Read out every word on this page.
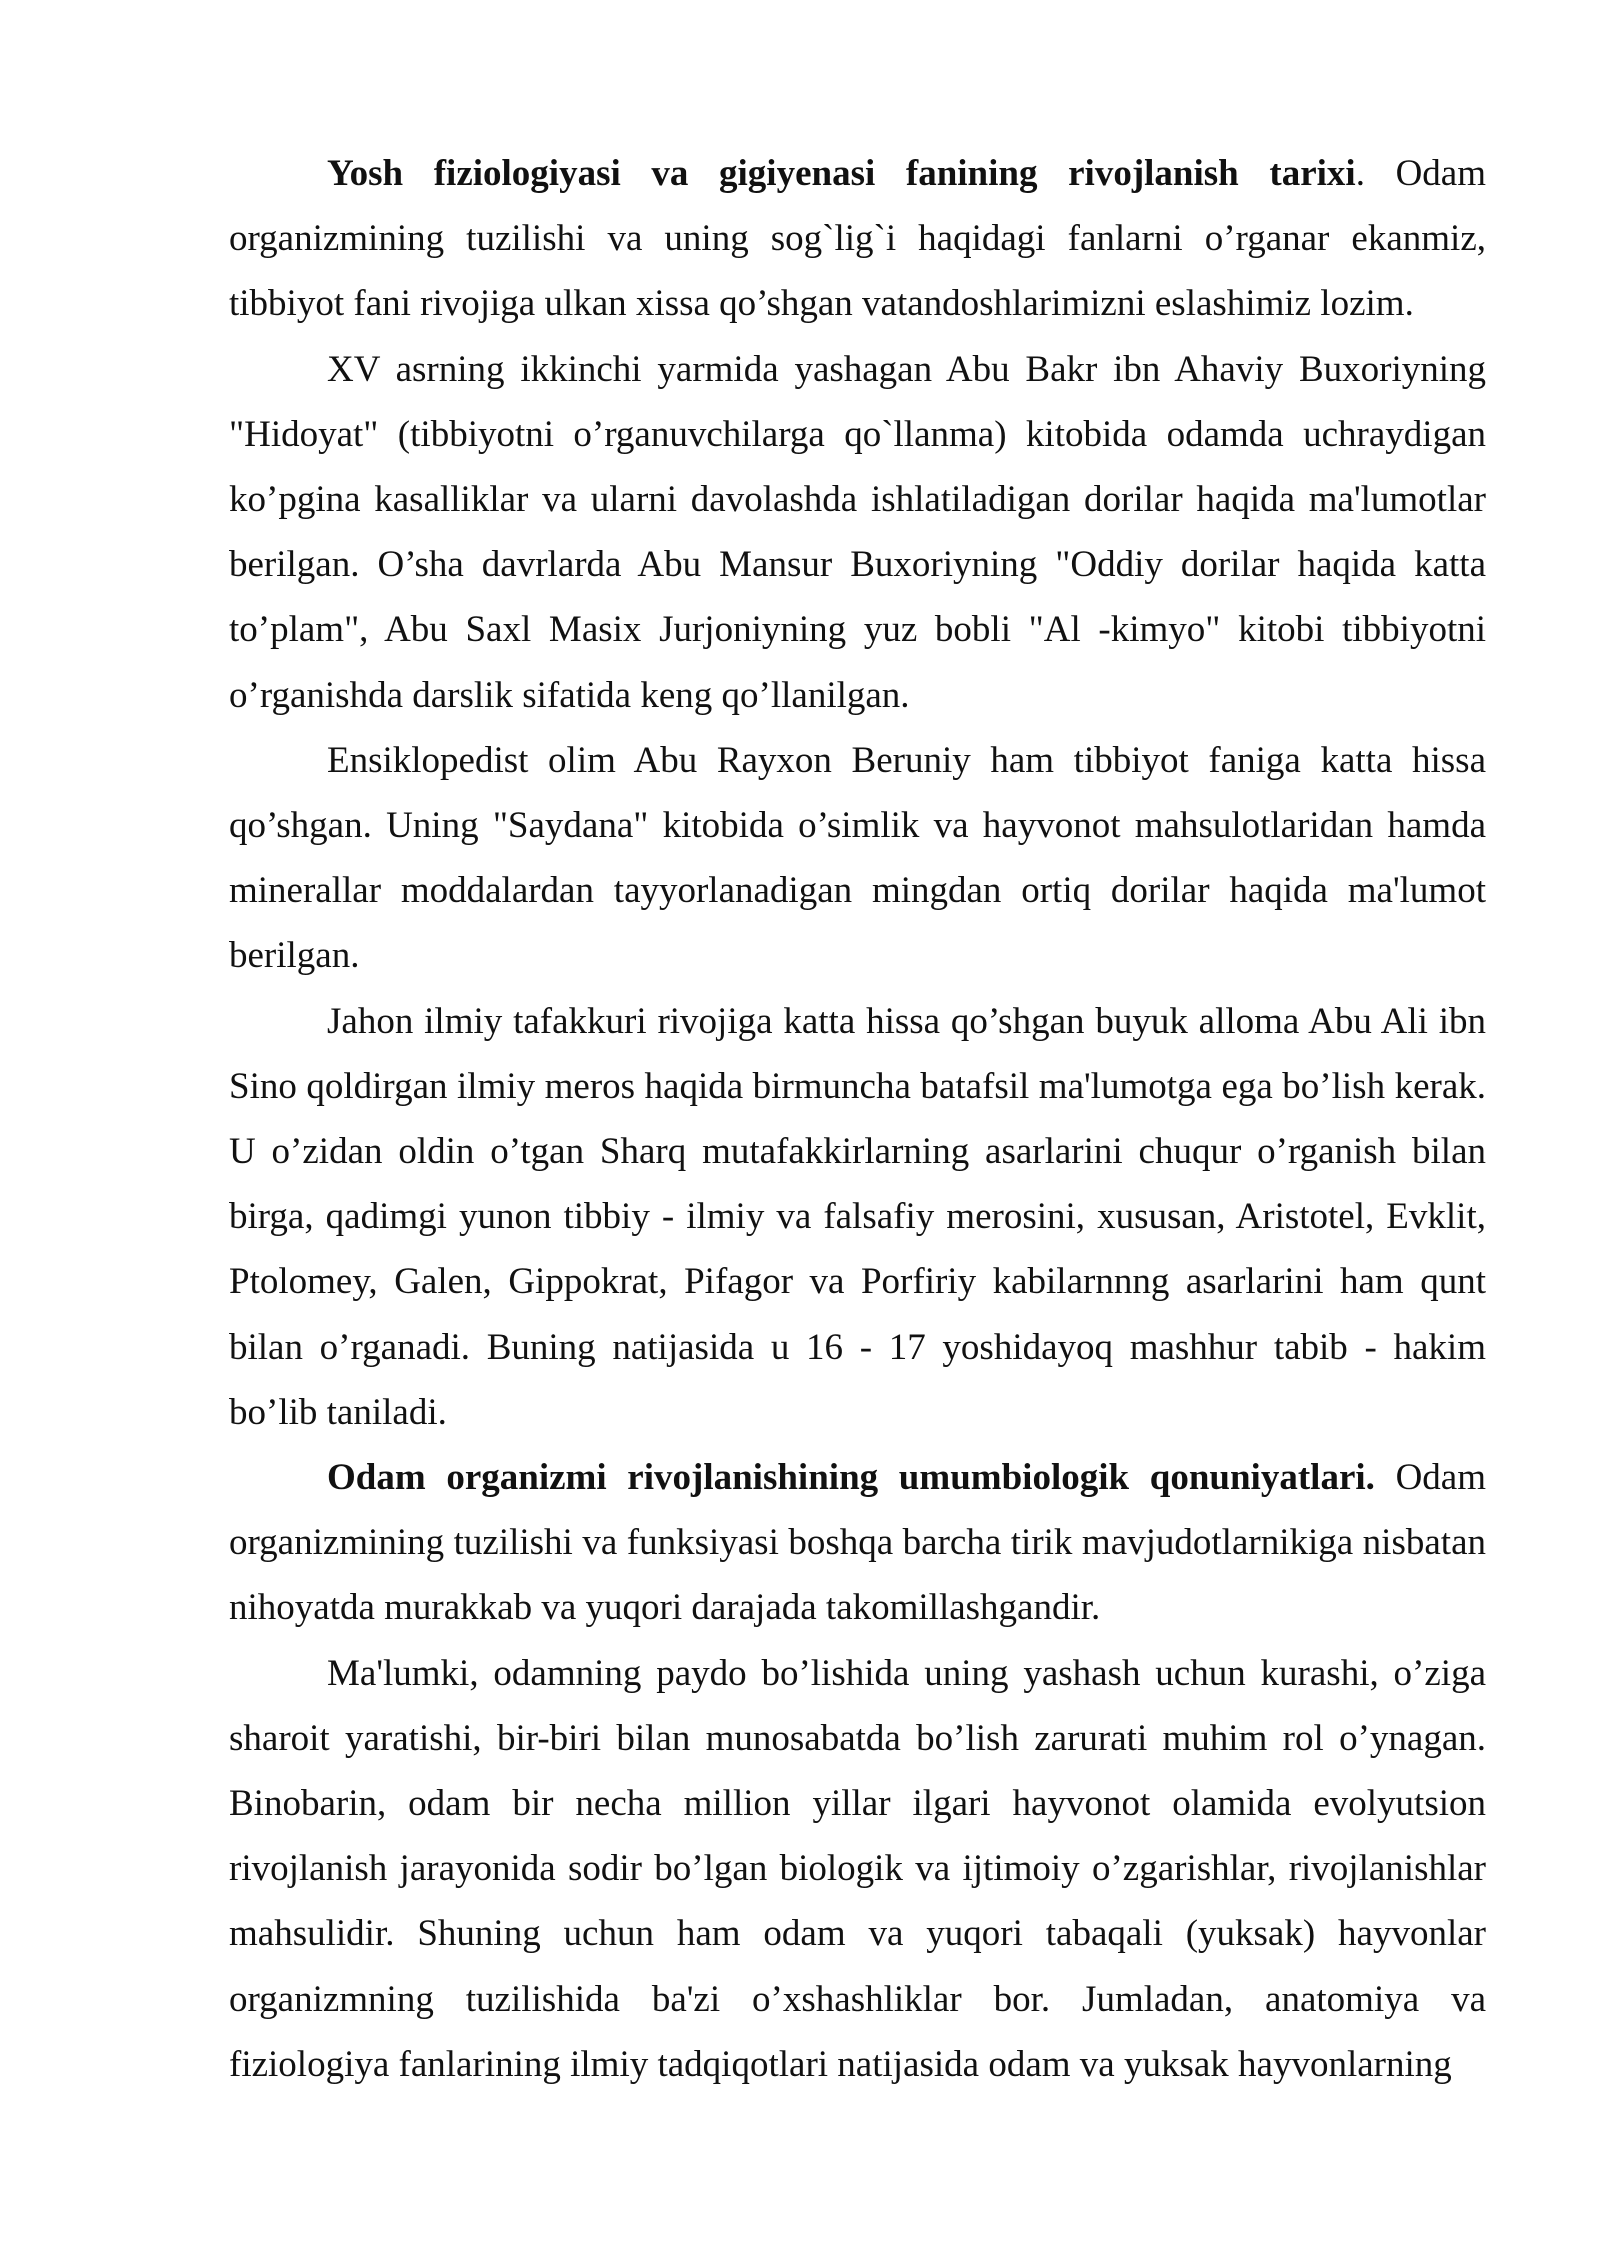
Yosh fiziologiyasi va gigiyenasi fanining rivojlanish tarixi. Odam organizmining tuzilishi va uning sog`lig`i haqidagi fanlarni o’rganar ekanmiz, tibbiyot fani rivojiga ulkan xissa qo’shgan vatandoshlarimizni eslashimiz lozim.

XV asrning ikkinchi yarmida yashagan Abu Bakr ibn Ahaviy Buxoriyning "Hidoyat" (tibbiyotni o’rganuvchilarga qo`llanma) kitobida odamda uchraydigan ko’pgina kasalliklar va ularni davolashda ishlatiladigan dorilar haqida ma'lumotlar berilgan. O’sha davrlarda Abu Mansur Buxoriyning "Oddiy dorilar haqida katta to’plam", Abu Saxl Masix Jurjoniyning yuz bobli "Al -kimyo" kitobi tibbiyotni o’rganishda darslik sifatida keng qo’llanilgan.

Ensiklopedist olim Abu Rayxon Beruniy ham tibbiyot faniga katta hissa qo’shgan. Uning "Saydana" kitobida o’simlik va hayvonot mahsulotlaridan hamda minerallar moddalardan tayyorlanadigan mingdan ortiq dorilar haqida ma'lumot berilgan.

Jahon ilmiy tafakkuri rivojiga katta hissa qo’shgan buyuk alloma Abu Ali ibn Sino qoldirgan ilmiy meros haqida birmuncha batafsil ma'lumotga ega bo’lish kerak. U o’zidan oldin o’tgan Sharq mutafakkirlarning asarlarini chuqur o’rganish bilan birga, qadimgi yunon tibbiy - ilmiy va falsafiy merosini, xususan, Aristotel, Evklit, Ptolomey, Galen, Gippokrat, Pifagor va Porfiriy kabilarnnng asarlarini ham qunt bilan o’rganadi. Buning natijasida u 16 - 17 yoshidayoq mashhur tabib - hakim bo’lib taniladi.

Odam organizmi rivojlanishining umumbiologik qonuniyatlari. Odam organizmining tuzilishi va funksiyasi boshqa barcha tirik mavjudotlarnikiga nisbatan nihoyatda murakkab va yuqori darajada takomillashgandir.

Ma'lumki, odamning paydo bo’lishida uning yashash uchun kurashi, o’ziga sharoit yaratishi, bir-biri bilan munosabatda bo’lish zarurati muhim rol o’ynagan. Binobarin, odam bir necha million yillar ilgari hayvonot olamida evolyutsion rivojlanish jarayonida sodir bo’lgan biologik va ijtimoiy o’zgarishlar, rivojlanishlar mahsulidir. Shuning uchun ham odam va yuqori tabaqali (yuksak) hayvonlar organizmning tuzilishida ba'zi o’xshashliklar bor. Jumladan, anatomiya va fiziologiya fanlarining ilmiy tadqiqotlari natijasida odam va yuksak hayvonlarning
